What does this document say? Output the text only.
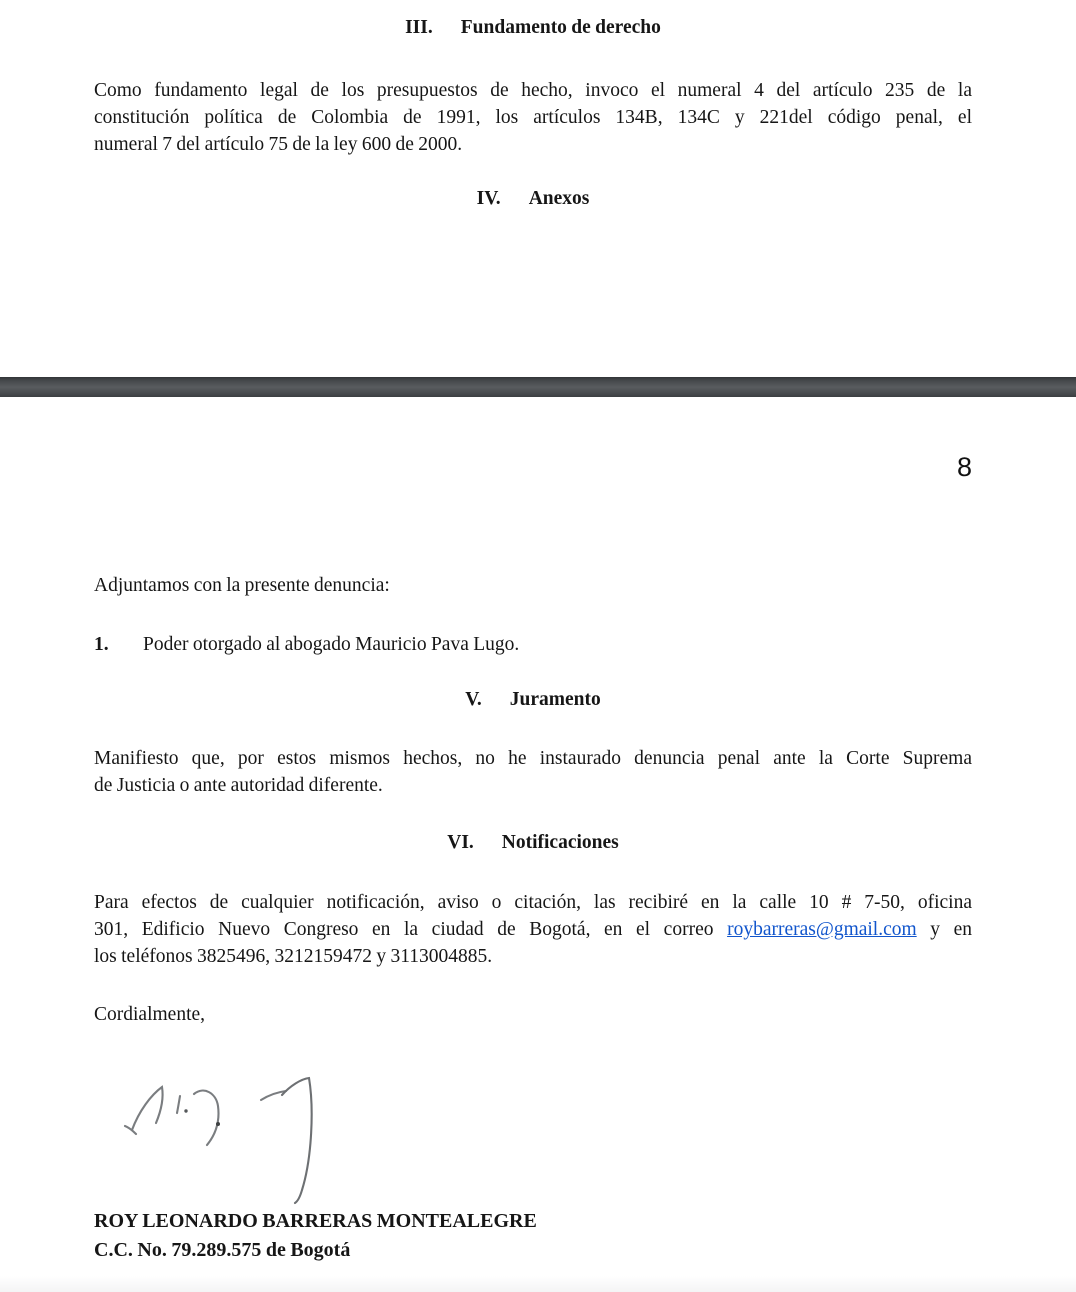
III. Fundamento de derecho
Como fundamento legal de los presupuestos de hecho, invoco el numeral 4 del artículo 235 de la
constitución política de Colombia de 1991, los artículos 134B, 134C y 221del código penal, el
numeral 7 del artículo 75 de la ley 600 de 2000.
IV. Anexos
8
Adjuntamos con la presente denuncia:
1. Poder otorgado al abogado Mauricio Pava Lugo.
V. Juramento
Manifiesto que, por estos mismos hechos, no he instaurado denuncia penal ante la Corte Suprema
de Justicia o ante autoridad diferente.
VI. Notificaciones
Para efectos de cualquier notificación, aviso o citación, las recibiré en la calle 10 # 7-50, oficina
301, Edificio Nuevo Congreso en la ciudad de Bogotá, en el correo roybarreras@gmail.com y en
los teléfonos 3825496, 3212159472 y 3113004885.
Cordialmente,
ROY LEONARDO BARRERAS MONTEALEGRE
C.C. No. 79.289.575 de Bogotá
